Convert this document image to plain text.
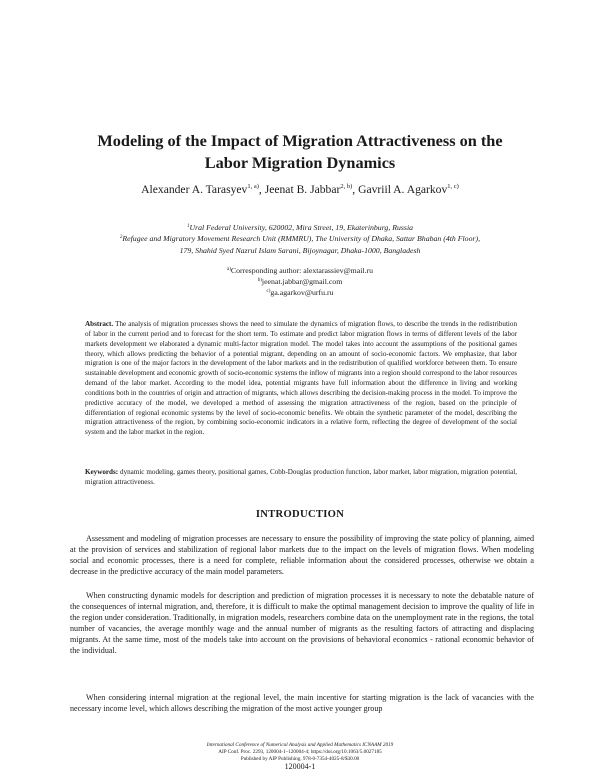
Modeling of the Impact of Migration Attractiveness on the
Labor Migration Dynamics
Alexander A. Tarasyev$^{1, a)}$, Jeenat B. Jabbar$^{2, b)}$, Gavriil A. Agarkov$^{1, c)}$
$^1$Ural Federal University, 620002, Mira Street, 19, Ekaterinburg, Russia
$^2$Refugee and Migratory Movement Research Unit (RMMRU), The University of Dhaka, Sattar Bhaban (4th Floor),
179, Shahid Syed Nazrul Islam Sarani, Bijoynagar, Dhaka-1000, Bangladesh
$^{a)}$Corresponding author: alextarassiev@mail.ru
$^{b)}$jeenat.jabbar@gmail.com
$^{c)}$ga.agarkov@urfu.ru

Abstract. The analysis of migration processes shows the need to simulate the dynamics of migration flows, to describe the trends in the redistribution of labor in the current period and to forecast for the short term. To estimate and predict labor migration flows in terms of different levels of the labor markets development we elaborated a dynamic multi-factor migration model. The model takes into account the assumptions of the positional games theory, which allows predicting the behavior of a potential migrant, depending on an amount of socio-economic factors. We emphasize, that labor migration is one of the major factors in the development of the labor markets and in the redistribution of qualified workforce between them. To ensure sustainable development and economic growth of socio-economic systems the inflow of migrants into a region should correspond to the labor resources demand of the labor market. According to the model idea, potential migrants have full information about the difference in living and working conditions both in the countries of origin and attraction of migrants, which allows describing the decision-making process in the model. To improve the predictive accuracy of the model, we developed a method of assessing the migration attractiveness of the region, based on the principle of differentiation of regional economic systems by the level of socio-economic benefits. We obtain the synthetic parameter of the model, describing the migration attractiveness of the region, by combining socio-economic indicators in a relative form, reflecting the degree of development of the social system and the labor market in the region.

Keywords: dynamic modeling, games theory, positional games, Cobb-Douglas production function, labor market, labor migration, migration potential, migration attractiveness.

INTRODUCTION

Assessment and modeling of migration processes are necessary to ensure the possibility of improving the state policy of planning, aimed at the provision of services and stabilization of regional labor markets due to the impact on the levels of migration flows. When modeling social and economic processes, there is a need for complete, reliable information about the considered processes, otherwise we obtain a decrease in the predictive accuracy of the main model parameters.

When constructing dynamic models for description and prediction of migration processes it is necessary to note the debatable nature of the consequences of internal migration, and, therefore, it is difficult to make the optimal management decision to improve the quality of life in the region under consideration. Traditionally, in migration models, researchers combine data on the unemployment rate in the regions, the total number of vacancies, the average monthly wage and the annual number of migrants as the resulting factors of attracting and displacing migrants. At the same time, most of the models take into account on the provisions of behavioral economics - rational economic behavior of the individual.

When considering internal migration at the regional level, the main incentive for starting migration is the lack of vacancies with the necessary income level, which allows describing the migration of the most active younger group

International Conference of Numerical Analysis and Applied Mathematics ICNAAM 2019
AIP Conf. Proc. 2293, 120004-1–120004-4; https://doi.org/10.1063/5.0027185
Published by AIP Publishing. 978-0-7354-4025-8/$30.00
120004-1
